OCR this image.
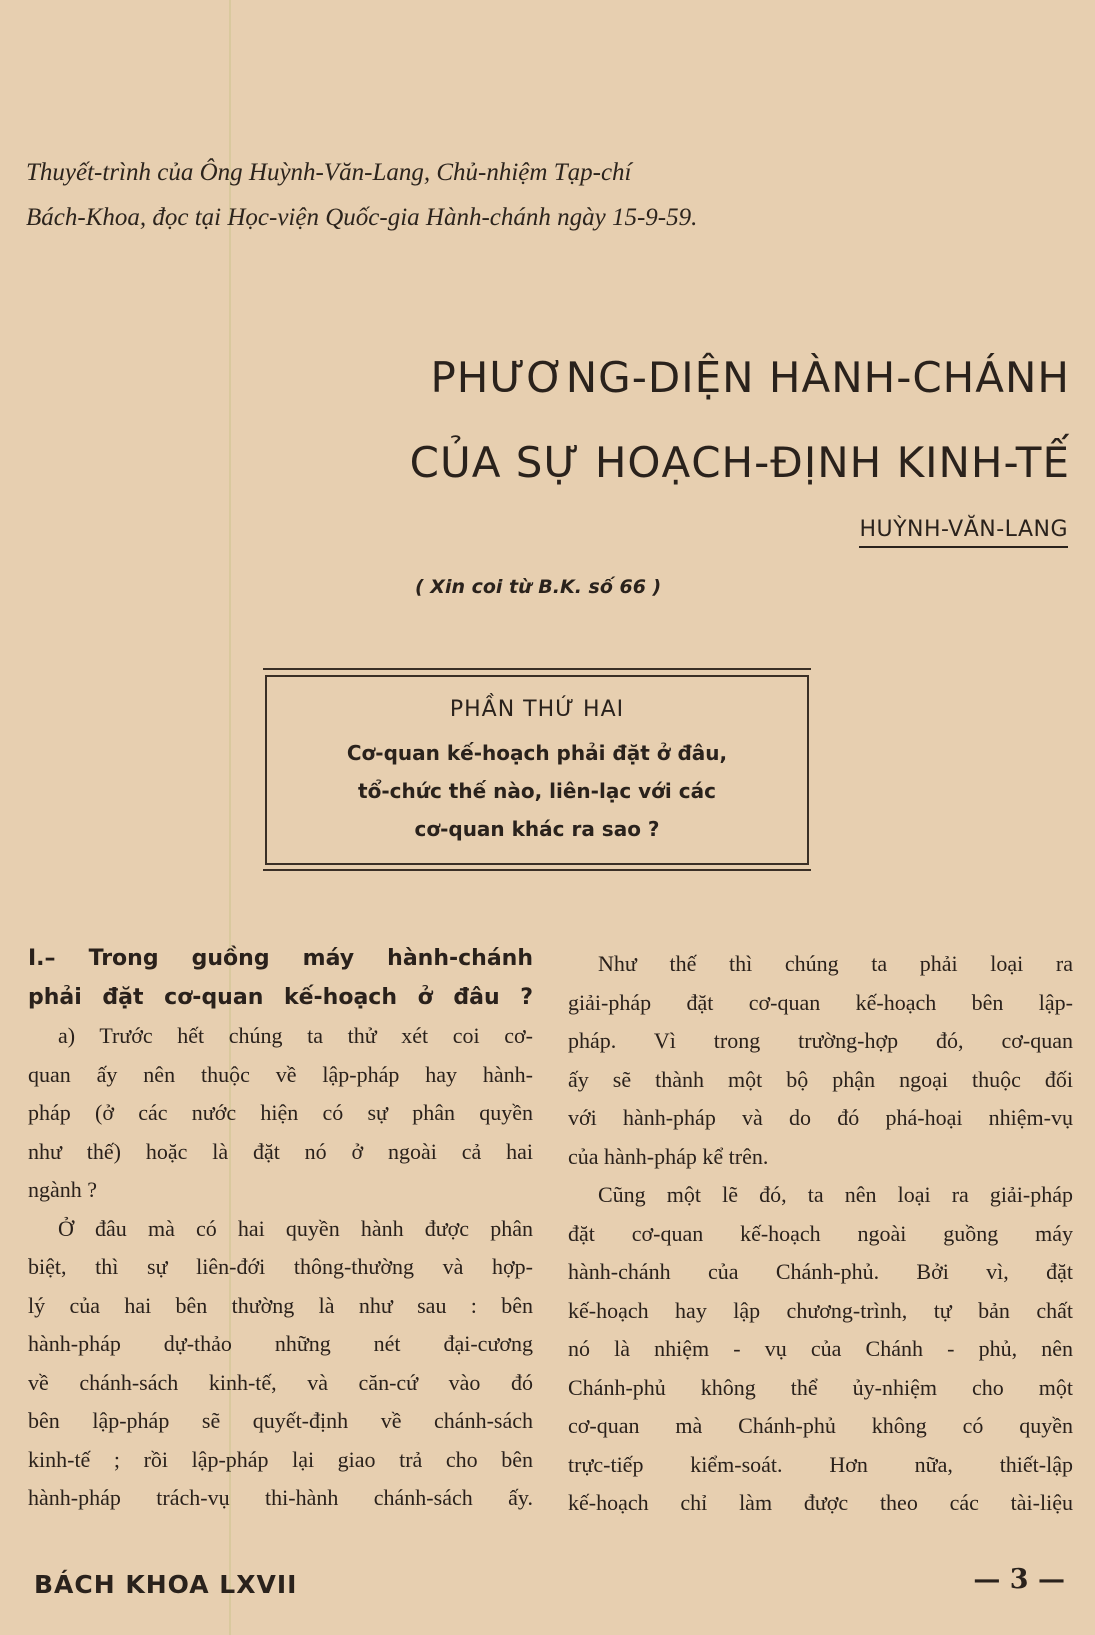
Thuyết-trình của Ông Huỳnh-Văn-Lang, Chủ-nhiệm Tạp-chí
Bách-Khoa, đọc tại Học-viện Quốc-gia Hành-chánh ngày 15-9-59.
PHƯƠNG-DIỆN HÀNH-CHÁNH
CỦA SỰ HOẠCH-ĐỊNH KINH-TẾ
HUỲNH-VĂN-LANG
( Xin coi từ B.K. số 66 )
PHẦN THỨ HAI
Cơ-quan kế-hoạch phải đặt ở đâu,
tổ-chức thế nào, liên-lạc với các
cơ-quan khác ra sao ?
I.– Trong guồng máy hành-chánh
phải đặt cơ-quan kế-hoạch ở đâu ?
a) Trước hết chúng ta thử xét coi cơ-
quan ấy nên thuộc về lập-pháp hay hành-
pháp (ở các nước hiện có sự phân quyền
như thế) hoặc là đặt nó ở ngoài cả hai
ngành ?
Ở đâu mà có hai quyền hành được phân
biệt, thì sự liên-đới thông-thường và hợp-
lý của hai bên thường là như sau : bên
hành-pháp dự-thảo những nét đại-cương
về chánh-sách kinh-tế, và căn-cứ vào đó
bên lập-pháp sẽ quyết-định về chánh-sách
kinh-tế ; rồi lập-pháp lại giao trả cho bên
hành-pháp trách-vụ thi-hành chánh-sách ấy.
Như thế thì chúng ta phải loại ra
giải-pháp đặt cơ-quan kế-hoạch bên lập-
pháp. Vì trong trường-hợp đó, cơ-quan
ấy sẽ thành một bộ phận ngoại thuộc đối
với hành-pháp và do đó phá-hoại nhiệm-vụ
của hành-pháp kể trên.
Cũng một lẽ đó, ta nên loại ra giải-pháp
đặt cơ-quan kế-hoạch ngoài guồng máy
hành-chánh của Chánh-phủ. Bởi vì, đặt
kế-hoạch hay lập chương-trình, tự bản chất
nó là nhiệm - vụ của Chánh - phủ, nên
Chánh-phủ không thể ủy-nhiệm cho một
cơ-quan mà Chánh-phủ không có quyền
trực-tiếp kiểm-soát. Hơn nữa, thiết-lập
kế-hoạch chỉ làm được theo các tài-liệu
BÁCH KHOA LXVII	— 3 —
